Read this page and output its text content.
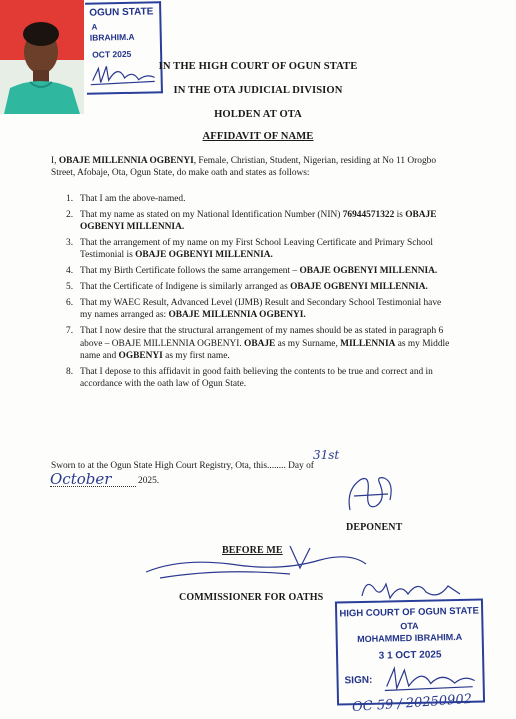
OGUN STATE
A
IBRAHIM.A
OCT 2025
IN THE HIGH COURT OF OGUN STATE
IN THE OTA JUDICIAL DIVISION
HOLDEN AT OTA
AFFIDAVIT OF NAME
I, OBAJE MILLENNIA OGBENYI, Female, Christian, Student, Nigerian, residing at No 11 Orogbo Street, Afobaje, Ota, Ogun State, do make oath and states as follows:
1. That I am the above-named.
2. That my name as stated on my National Identification Number (NIN) 76944571322 is OBAJE OGBENYI MILLENNIA.
3. That the arrangement of my name on my First School Leaving Certificate and Primary School Testimonial is OBAJE OGBENYI MILLENNIA.
4. That my Birth Certificate follows the same arrangement – OBAJE OGBENYI MILLENNIA.
5. That the Certificate of Indigene is similarly arranged as OBAJE OGBENYI MILLENNIA.
6. That my WAEC Result, Advanced Level (IJMB) Result and Secondary School Testimonial have my names arranged as: OBAJE MILLENNIA OGBENYI.
7. That I now desire that the structural arrangement of my names should be as stated in paragraph 6 above – OBAJE MILLENNIA OGBENYI. OBAJE as my Surname, MILLENNIA as my Middle name and OGBENYI as my first name.
8. That I depose to this affidavit in good faith believing the contents to be true and correct and in accordance with the oath law of Ogun State.
Sworn to at the Ogun State High Court Registry, Ota, this........ Day of
31st
October	2025.
DEPONENT
BEFORE ME
COMMISSIONER FOR OATHS
HIGH COURT OF OGUN STATE
OTA
MOHAMMED IBRAHIM.A
3 1 OCT 2025
SIGN:
OC 59 / 20250902
